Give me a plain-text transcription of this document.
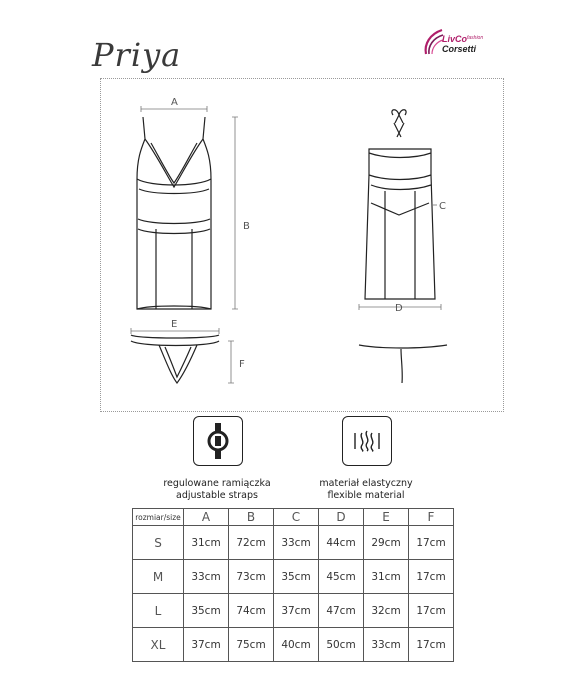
Priya	LivCo fashion
Corsetti
A
B
C
D
E
F
regulowane ramiączka
adjustable straps
materiał elastyczny
flexible material
rozmiar/size	A	B	C	D	E	F
S	31cm	72cm	33cm	44cm	29cm	17cm
M	33cm	73cm	35cm	45cm	31cm	17cm
L	35cm	74cm	37cm	47cm	32cm	17cm
XL	37cm	75cm	40cm	50cm	33cm	17cm
